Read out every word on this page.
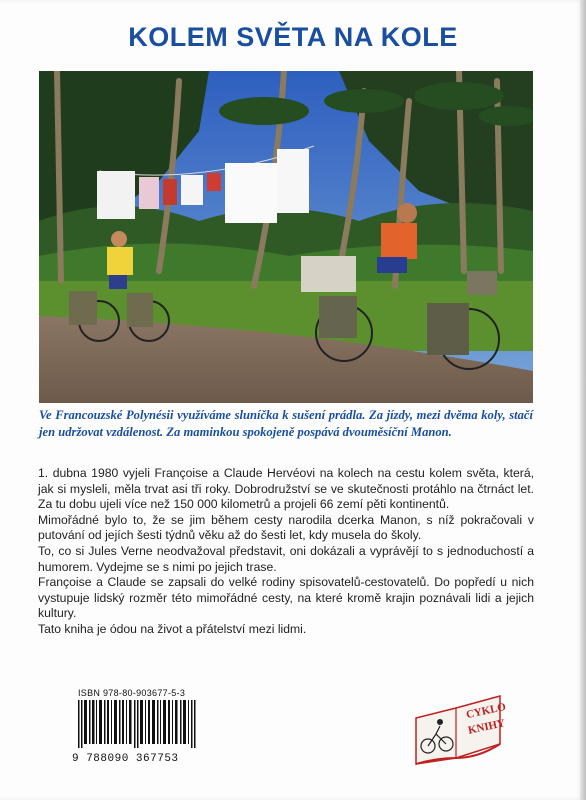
KOLEM SVĚTA NA KOLE
Ve Francouzské Polynésii využíváme sluníčka k sušení prádla. Za jízdy, mezi dvěma koly, stačí jen udržovat vzdálenost. Za maminkou spokojeně pospává dvouměsíční Manon.

1. dubna 1980 vyjeli Françoise a Claude Hervéovi na kolech na cestu kolem světa, která, jak si mysleli, měla trvat asi tři roky. Dobrodružství se ve skutečnosti protáhlo na čtrnáct let. Za tu dobu ujeli více než 150 000 kilometrů a projeli 66 zemí pěti kontinentů.

Mimořádné bylo to, že se jim během cesty narodila dcerka Manon, s níž pokračovali v putování od jejích šesti týdnů věku až do šesti let, kdy musela do školy.

To, co si Jules Verne neodvažoval představit, oni dokázali a vyprávějí to s jednoduchostí a humorem. Vydejme se s nimi po jejich trase.

Françoise a Claude se zapsali do velké rodiny spisovatelů-cestovatelů. Do popředí u nich vystupuje lidský rozměr této mimořádné cesty, na které kromě krajin poznávali lidi a jejich kultury.

Tato kniha je ódou na život a přátelství mezi lidmi.

ISBN 978-80-903677-5-3
9 788090 367753
CYKLO
KNIHY
